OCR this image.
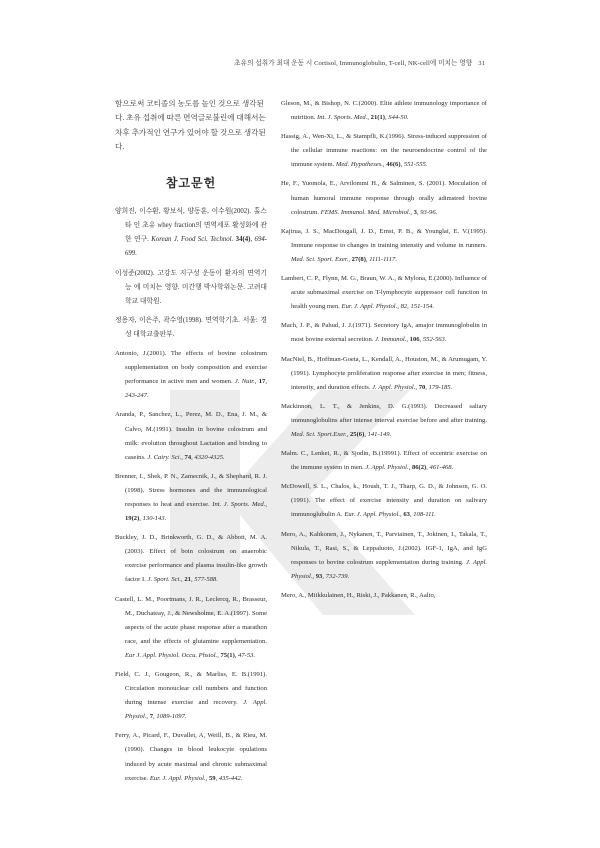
초유의 섭취가 최대 운동 시 Cortisol, Immunoglobulin, T-cell, NK-cell에 미치는 영향 31

함으로써 코티졸의 농도를 높인 것으로 생각된다. 초유 섭취에 따른 면역글로불린에 대해서는 차후 추가적인 연구가 있어야 할 것으로 생각된다.

참고문헌

양희진, 이수환, 황보식, 양동훈, 이수원(2002). 홀스타 인 초유 whey fraction의 면역세포 활성화에 관한 연구. Korean J. Food Sci. Technol. 34(4), 694-699.

이성준(2002). 고강도 지구성 운동이 환자의 면역기능 에 미치는 영향. 미간행 박사학위논문. 고려대학교 대학원.

정용자, 이은주, 곽수영(1998). 면역학기초. 서울: 경성 대학교출판부.

Antonio, J.(2001). The effects of bovine colostrum supplementation on body composition and exercise performance in active men and women. J. Nutr., 17, 243-247.

Aranda, P., Sanchez, L., Perez, M. D., Ena, J. M., & Calvo, M.(1991). Insulin in bovine colostrum and milk: evolution throughout Lactation and binding to caseins. J. Cairy. Sci., 74, 4320-4325.

Brenner, I., Shek, P. N., Zamecnik, J., & Shephard, R. J.(1998). Stress hormones and the immunological responses to heat and exercise. Int. J. Sports. Med., 19(2), 130-143.

Buckley, J. D., Brinkworth, G. D., & Abbott, M. A. (2003). Effect of boin colostrum on anaerobic exercise performance and plasma insulin-like growth factor I. J. Sport. Sci., 21, 577-588.

Castell, L. M., Poortmans, J. R., Leclercq, R., Brasseur, M., Duchateay, J., & Newsholme, E. A.(1997). Some aspects of the acute phase response after a marathon race, and the effects of glutamine supplementation. Eur J. Appl. Physiol. Occu. Phsiol., 75(1), 47-53.

Field, C. J., Gougeon, R., & Marliss, E. B.(1991). Circulation monouclear cell numbers and function during intense exercise and recovery. J. Appl. Physiol., 7, 1089-1097.

Ferry, A., Picard, F., Duvallet, A, Weill, B., & Rieu, M.(1990). Changes in blood leukocyte opulations induced by acute maximal and chronic submaximal exercise. Eur. J. Appl. Physiol., 59, 435-442.

Gleson, M., & Bishop, N. C.(2000). Elite athlete immunology importance of nutrition. Int. J. Sports. Med., 21(1), S44-50.

Hassig, A., Wen-Xi, L., & Stampfli, K.(1996). Stress-induced suppression of the cellular immune reactions: on the neuroendocrine control of the immune system. Med. Hypotheses., 46(6), 551-555.

He, F., Yuomola, E., Arvilommi H., & Salminen, S. (2001). Moculation of human humoral immune response through orally adimstred bovine colostrum. FEMS. Immunol. Med. Microbiol., 3, 93-96.

Kajirua, J. S., MacDougall, J. D., Ernst, P. B., & Younglai, E. V.(1995). Immune response to changes in training intensity and volume in runners. Med. Sci. Sport. Exer., 27(8), 1111-1117.

Lambert, C. P., Flynn, M. G., Braun, W. A., & Mylona, E.(2000). Influence of acute submaximal exercise on T-lymphocyte suppressor cell function in health young men. Eur. J. Appl. Physiol., 82, 151-154.

Mach, J. P., & Pahud, J. J.(1971). Secretory IgA, amajor immunoglobulin in most bovine external secretion. J. Immunol., 106, 552-563.

MacNiel, B., Hoffman-Goeta, L., Kendall, A., Houston, M., & Arumugam, Y.(1991). Lymphocyte proliferation response after exercise in men; fitness, intensity, and duration effects. J. Appl. Physiol., 70, 179-185.

Mackinnon, L. T., & Jenkins, D. G.(1993). Decreased saliary immunoglobulins after intense interval exercise before and after training. Med. Sci. Sport.Exer., 25(6), 141-149.

Malm. C., Lenkei, R., & Sjodin, B.(19991). Effect of eccentric exercise on the immune system in men. J. Appl. Physiol., 86(2), 461-468.

McDowell, S. L., Chalos, k., Housh, T. J., Tharp, G. D., & Johnson, G. O.(1991). The effect of exercise intensity and duration on salivary immunoglubulin A. Eur. J. Appl. Physiol., 63, 108-111.

Mero, A., Kahkonen, J., Nykanen, T., Parviainen, T., Jokinen, I., Takala, T., Nikula, T., Rasi, S., & Leppaluoto, J.(2002). IGF-1, IgA, and IgG responses to bovine colostrum supplementation during training. J. Appl. Physiol., 93, 732-739.

Mero, A., Miikkulainen, H., Riski, J., Pakkanen, R., Aalto,
